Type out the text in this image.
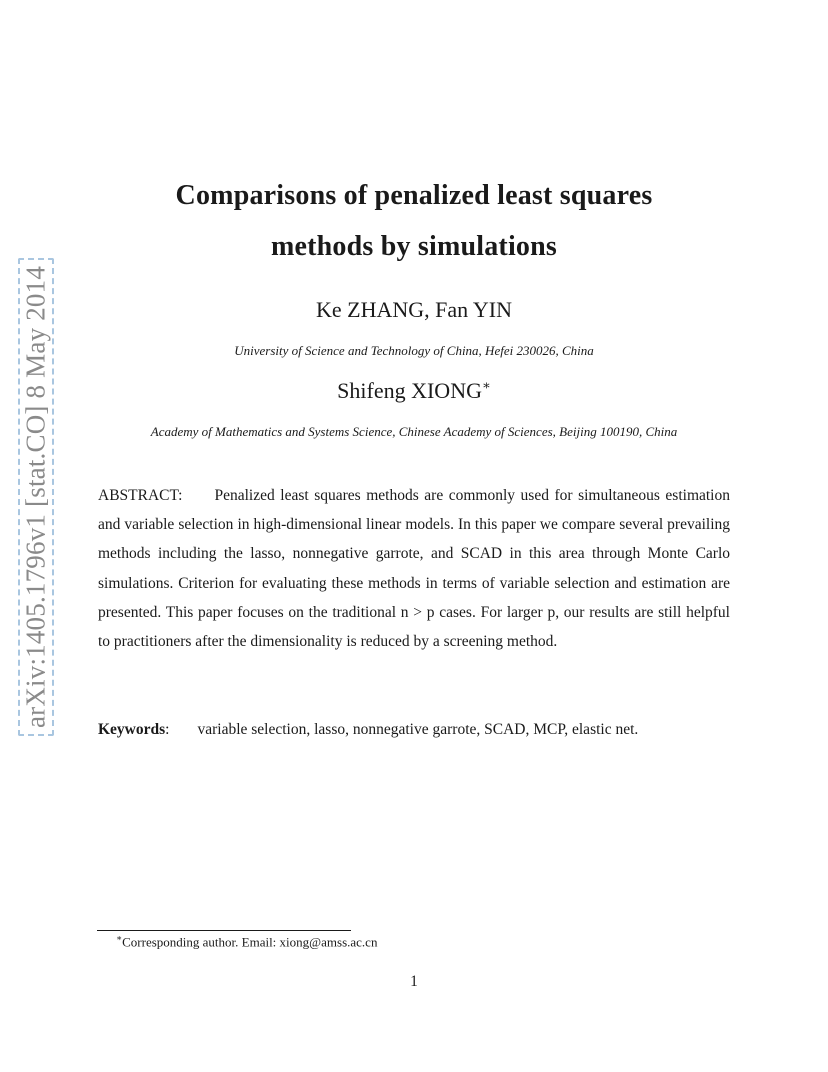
arXiv:1405.1796v1 [stat.CO] 8 May 2014
Comparisons of penalized least squares
methods by simulations
Ke ZHANG, Fan YIN
University of Science and Technology of China, Hefei 230026, China
Shifeng XIONG∗
Academy of Mathematics and Systems Science, Chinese Academy of Sciences, Beijing 100190, China
ABSTRACT: Penalized least squares methods are commonly used for simultaneous estimation and variable selection in high-dimensional linear models. In this paper we compare several prevailing methods including the lasso, nonnegative garrote, and SCAD in this area through Monte Carlo simulations. Criterion for evaluating these methods in terms of variable selection and estimation are presented. This paper focuses on the traditional n > p cases. For larger p, our results are still helpful to practitioners after the dimensionality is reduced by a screening method.
Keywords: variable selection, lasso, nonnegative garrote, SCAD, MCP, elastic net.
∗Corresponding author. Email: xiong@amss.ac.cn
1
